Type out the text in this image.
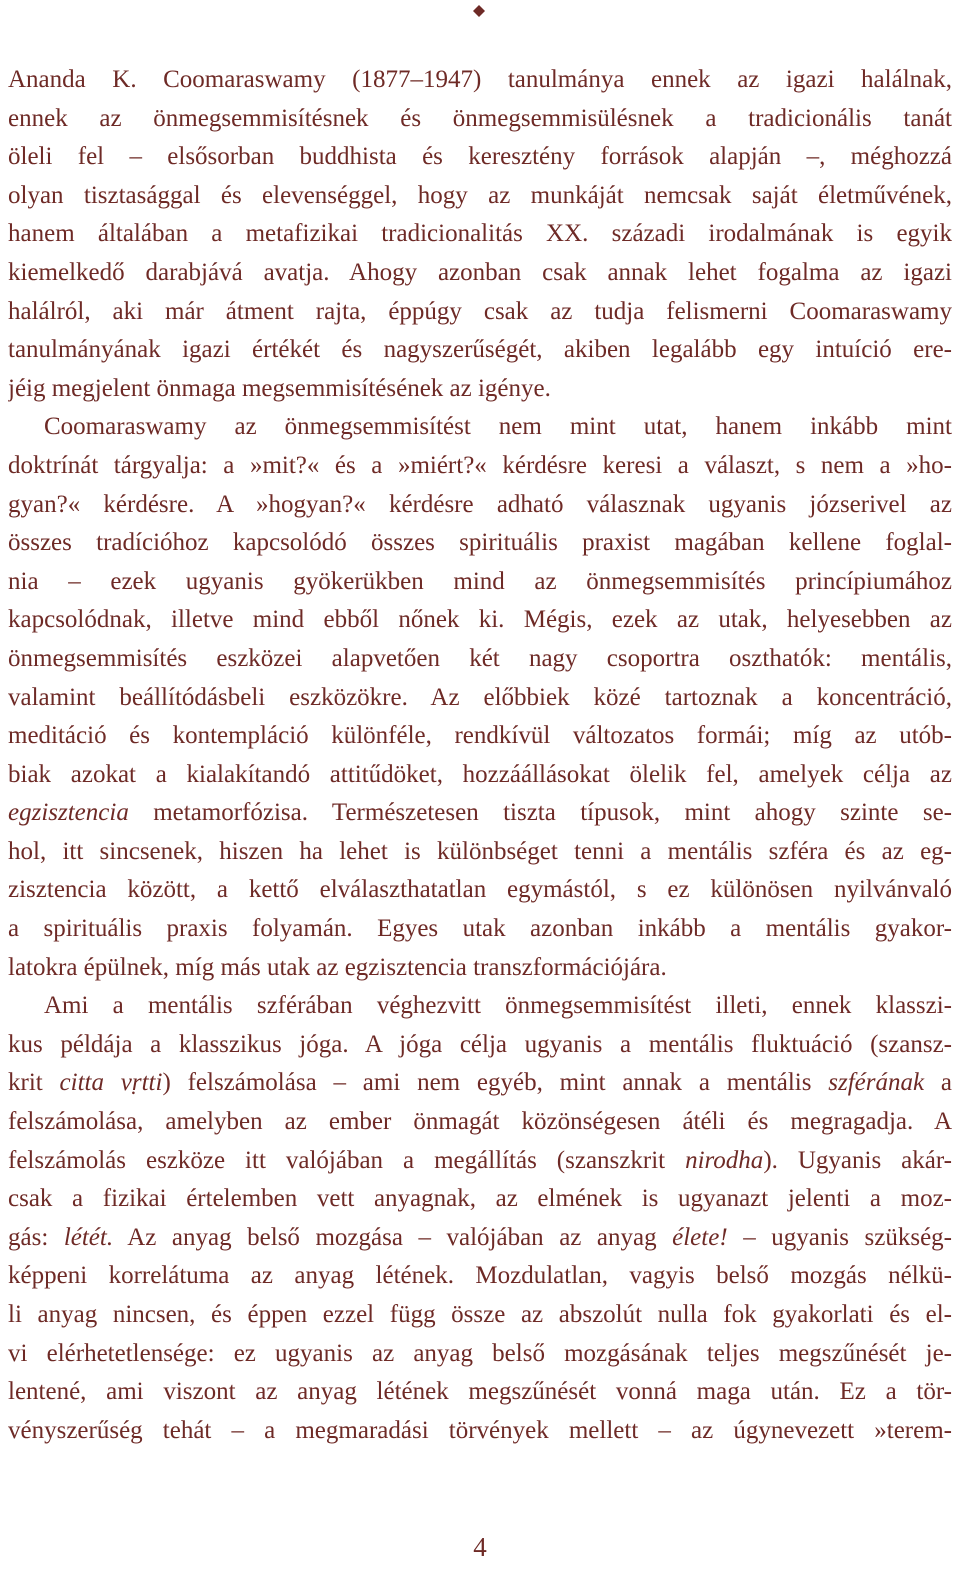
Ananda K. Coomaraswamy (1877–1947) tanulmánya ennek az igazi halálnak,
ennek az önmegsemmisítésnek és önmegsemmisülésnek a tradicionális tanát
öleli fel – elsősorban buddhista és keresztény források alapján –, méghozzá
olyan tisztasággal és elevenséggel, hogy az munkáját nemcsak saját életművének,
hanem általában a metafizikai tradicionalitás XX. századi irodalmának is egyik
kiemelkedő darabjává avatja. Ahogy azonban csak annak lehet fogalma az igazi
halálról, aki már átment rajta, éppúgy csak az tudja felismerni Coomaraswamy
tanulmányának igazi értékét és nagyszerűségét, akiben legalább egy intuíció ere-
jéig megjelent önmaga megsemmisítésének az igénye.
Coomaraswamy az önmegsemmisítést nem mint utat, hanem inkább mint
doktrínát tárgyalja: a »mit?« és a »miért?« kérdésre keresi a választ, s nem a »ho-
gyan?« kérdésre. A »hogyan?« kérdésre adható válasznak ugyanis józserivel az
összes tradícióhoz kapcsolódó összes spirituális praxist magában kellene foglal-
nia – ezek ugyanis gyökerükben mind az önmegsemmisítés princípiumához
kapcsolódnak, illetve mind ebből nőnek ki. Mégis, ezek az utak, helyesebben az
önmegsemmisítés eszközei alapvetően két nagy csoportra oszthatók: mentális,
valamint beállítódásbeli eszközökre. Az előbbiek közé tartoznak a koncentráció,
meditáció és kontempláció különféle, rendkívül változatos formái; míg az utób-
biak azokat a kialakítandó attitűdöket, hozzáállásokat ölelik fel, amelyek célja az
egzisztencia metamorfózisa. Természetesen tiszta típusok, mint ahogy szinte se-
hol, itt sincsenek, hiszen ha lehet is különbséget tenni a mentális szféra és az eg-
zisztencia között, a kettő elválaszthatatlan egymástól, s ez különösen nyilvánvaló
a spirituális praxis folyamán. Egyes utak azonban inkább a mentális gyakor-
latokra épülnek, míg más utak az egzisztencia transzformációjára.
Ami a mentális szférában véghezvitt önmegsemmisítést illeti, ennek klasszi-
kus példája a klasszikus jóga. A jóga célja ugyanis a mentális fluktuáció (szansz-
krit citta vṛtti) felszámolása – ami nem egyéb, mint annak a mentális szférának a
felszámolása, amelyben az ember önmagát közönségesen átéli és megragadja. A
felszámolás eszköze itt valójában a megállítás (szanszkrit nirodha). Ugyanis akár-
csak a fizikai értelemben vett anyagnak, az elmének is ugyanazt jelenti a moz-
gás: létét. Az anyag belső mozgása – valójában az anyag élete! – ugyanis szükség-
képpeni korrelátuma az anyag létének. Mozdulatlan, vagyis belső mozgás nélkü-
li anyag nincsen, és éppen ezzel függ össze az abszolút nulla fok gyakorlati és el-
vi elérhetetlensége: ez ugyanis az anyag belső mozgásának teljes megszűnését je-
lentené, ami viszont az anyag létének megszűnését vonná maga után. Ez a tör-
vényszerűség tehát – a megmaradási törvények mellett – az úgynevezett »terem-
4
